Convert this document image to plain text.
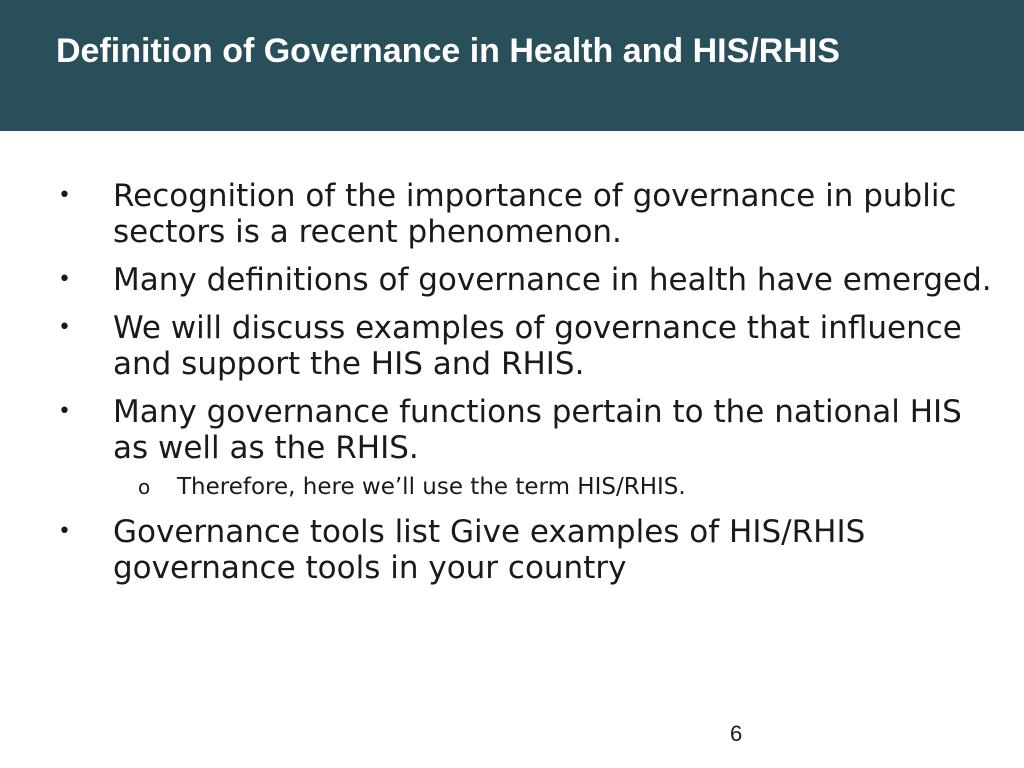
Definition of Governance in Health and HIS/RHIS
• Recognition of the importance of governance in public sectors is a recent phenomenon.
• Many definitions of governance in health have emerged.
• We will discuss examples of governance that influence and support the HIS and RHIS.
• Many governance functions pertain to the national HIS as well as the RHIS.
o Therefore, here we’ll use the term HIS/RHIS.
• Governance tools list Give examples of HIS/RHIS governance tools in your country
6
